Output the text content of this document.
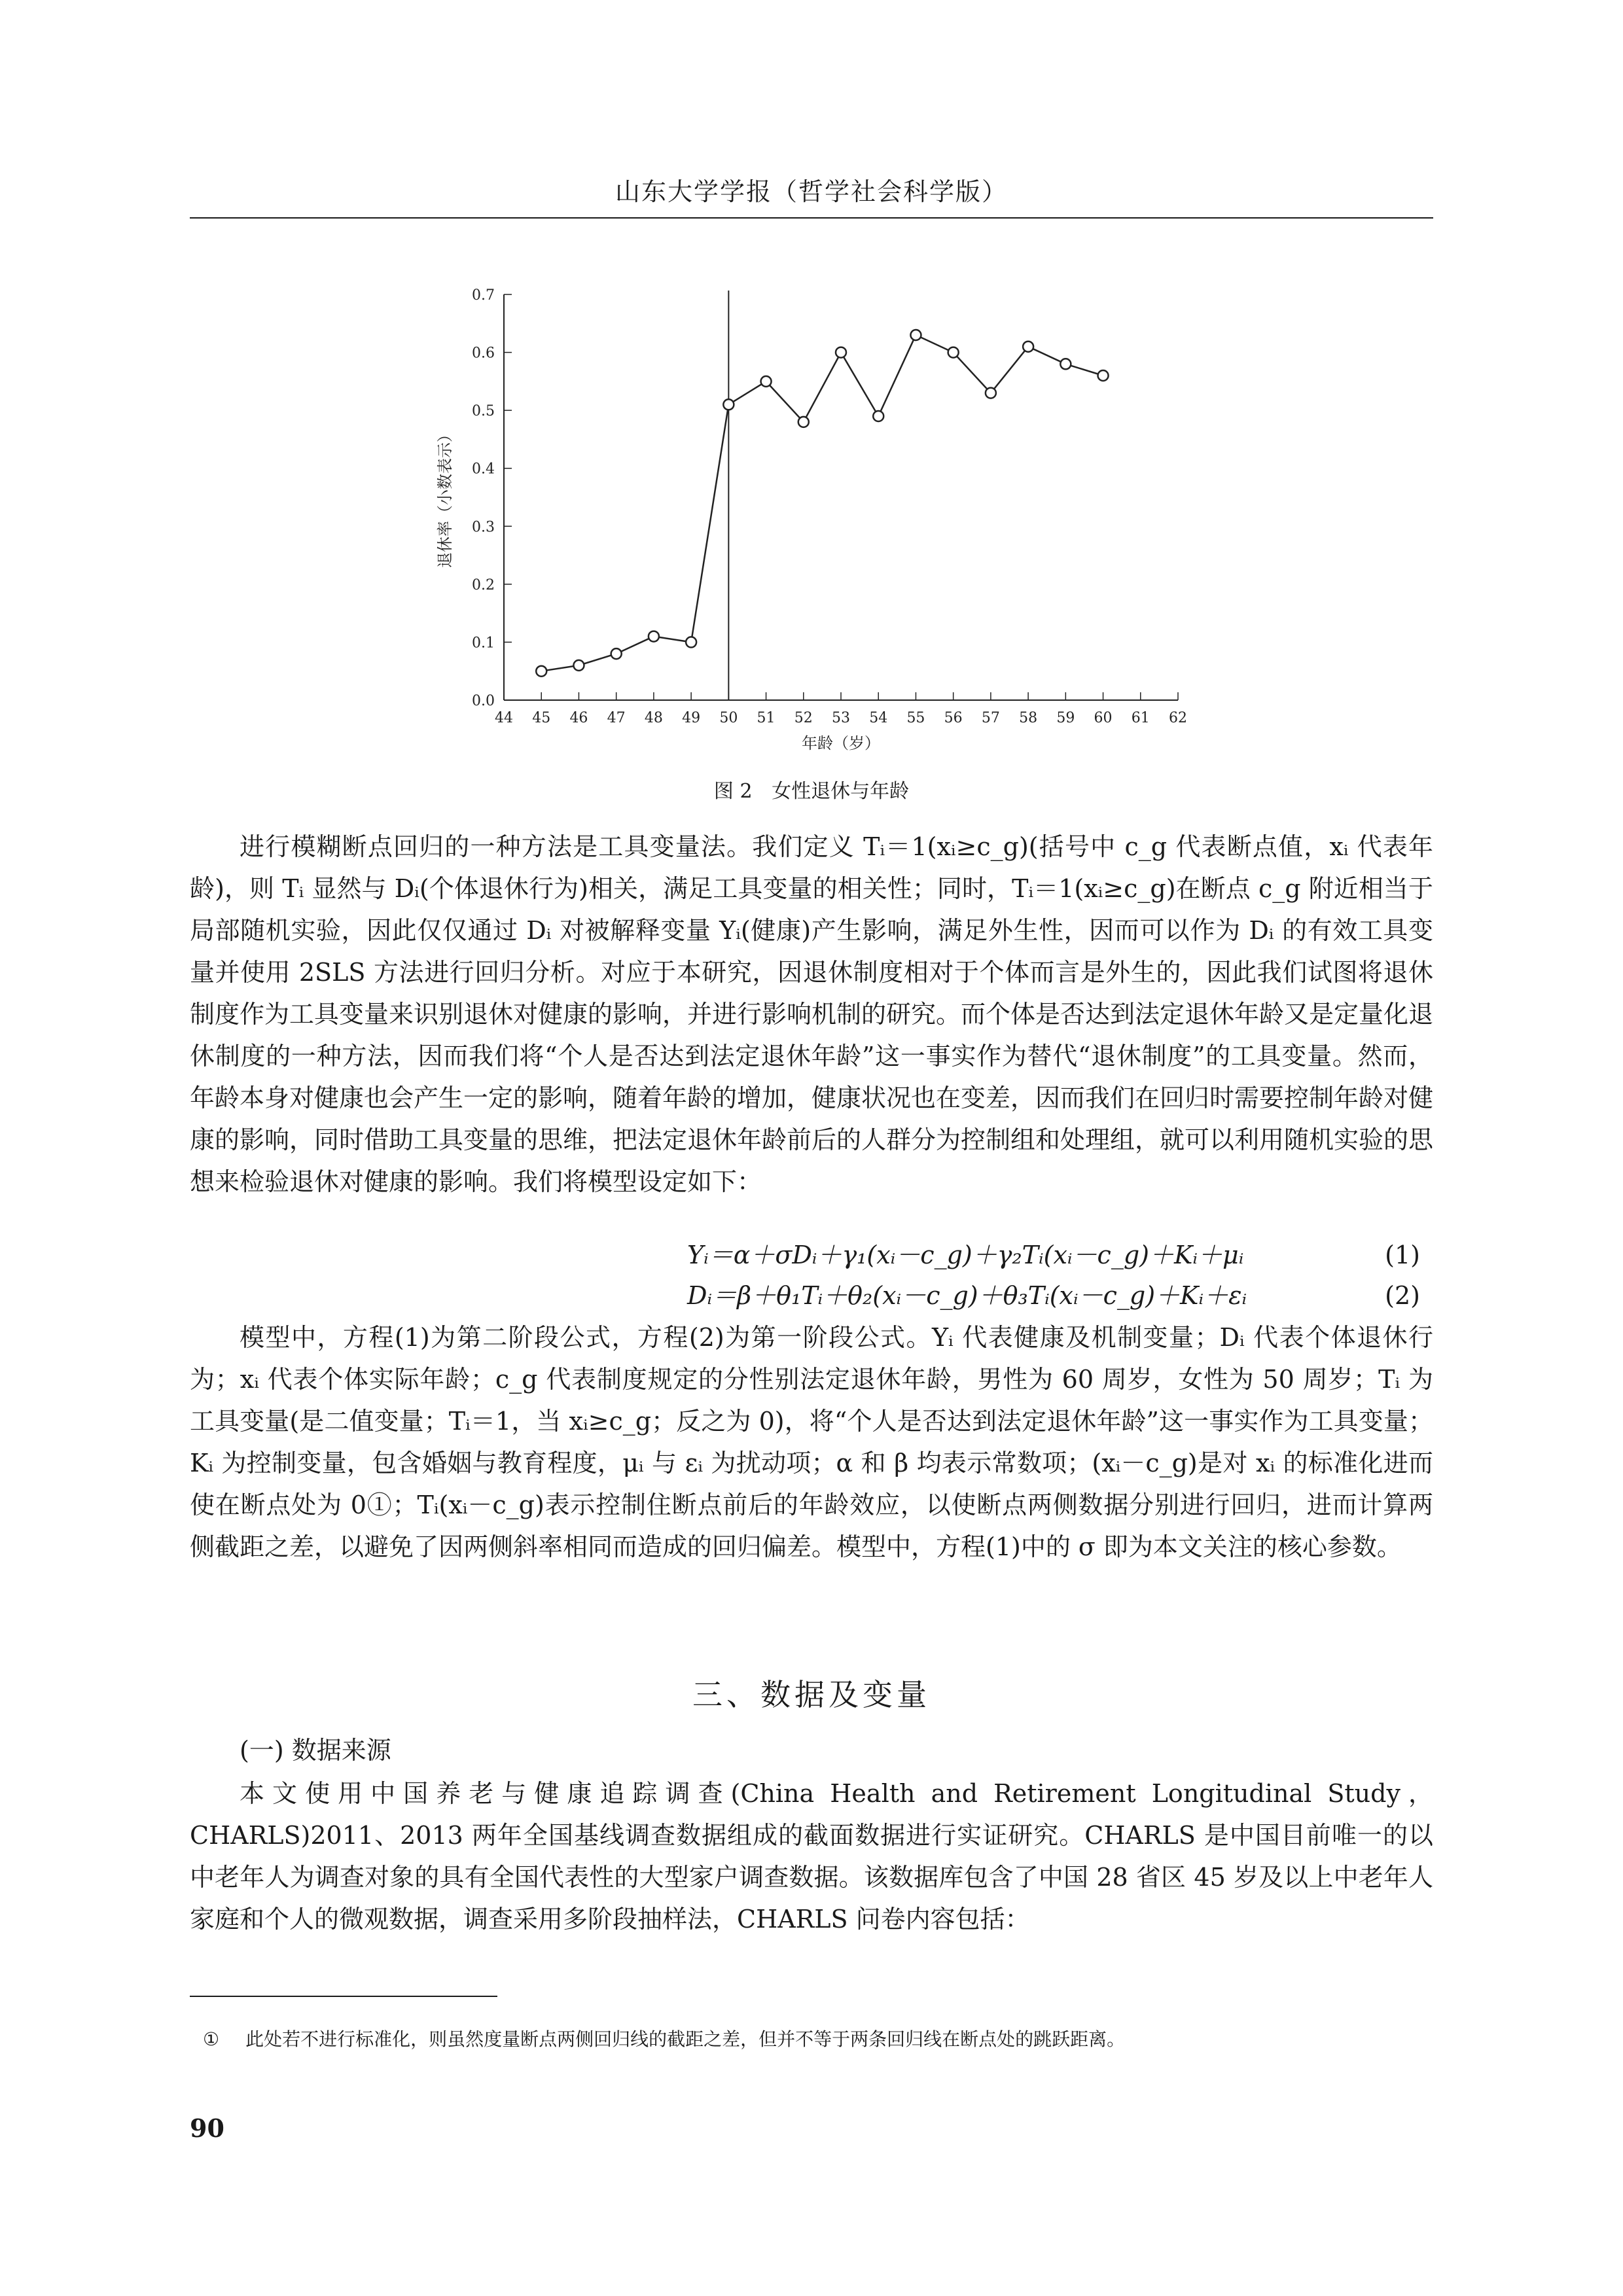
山东大学学报（哲学社会科学版）
44 45 46 47 48 49 50 51 52 53 54 55 56 57 58 59 60 61 62
0.0
0.1
0.2
0.3
0.4
0.5
0.6
0.7
年龄（岁）
退休率（小数表示）
图 2 女性退休与年龄
进行模糊断点回归的一种方法是工具变量法。我们定义 Tᵢ＝1(xᵢ≥c_g)(括号中 c_g 代表断点值，xᵢ 代表年龄)，则 Tᵢ 显然与 Dᵢ(个体退休行为)相关，满足工具变量的相关性；同时，Tᵢ＝1(xᵢ≥c_g)在断点 c_g 附近相当于局部随机实验，因此仅仅通过 Dᵢ 对被解释变量 Yᵢ(健康)产生影响，满足外生性，因而可以作为 Dᵢ 的有效工具变量并使用 2SLS 方法进行回归分析。对应于本研究，因退休制度相对于个体而言是外生的，因此我们试图将退休制度作为工具变量来识别退休对健康的影响，并进行影响机制的研究。而个体是否达到法定退休年龄又是定量化退休制度的一种方法，因而我们将“个人是否达到法定退休年龄”这一事实作为替代“退休制度”的工具变量。然而，年龄本身对健康也会产生一定的影响，随着年龄的增加，健康状况也在变差，因而我们在回归时需要控制年龄对健康的影响，同时借助工具变量的思维，把法定退休年龄前后的人群分为控制组和处理组，就可以利用随机实验的思想来检验退休对健康的影响。我们将模型设定如下：
Yᵢ＝α＋σDᵢ＋γ₁(xᵢ－c_g)＋γ₂Tᵢ(xᵢ－c_g)＋Kᵢ＋μᵢ	(1)
Dᵢ＝β＋θ₁Tᵢ＋θ₂(xᵢ－c_g)＋θ₃Tᵢ(xᵢ－c_g)＋Kᵢ＋εᵢ	(2)
模型中，方程(1)为第二阶段公式，方程(2)为第一阶段公式。Yᵢ 代表健康及机制变量；Dᵢ 代表个体退休行为；xᵢ 代表个体实际年龄；c_g 代表制度规定的分性别法定退休年龄，男性为 60 周岁，女性为 50 周岁；Tᵢ 为工具变量(是二值变量；Tᵢ＝1，当 xᵢ≥c_g；反之为 0)，将“个人是否达到法定退休年龄”这一事实作为工具变量；Kᵢ 为控制变量，包含婚姻与教育程度，μᵢ 与 εᵢ 为扰动项；α 和 β 均表示常数项；(xᵢ－c_g)是对 xᵢ 的标准化进而使在断点处为 0①；Tᵢ(xᵢ－c_g)表示控制住断点前后的年龄效应，以使断点两侧数据分别进行回归，进而计算两侧截距之差，以避免了因两侧斜率相同而造成的回归偏差。模型中，方程(1)中的 σ 即为本文关注的核心参数。
三、数据及变量
(一) 数据来源
本文使用中国养老与健康追踪调查(China Health and Retirement Longitudinal Study，CHARLS)2011、2013 两年全国基线调查数据组成的截面数据进行实证研究。CHARLS 是中国目前唯一的以中老年人为调查对象的具有全国代表性的大型家户调查数据。该数据库包含了中国 28 省区 45 岁及以上中老年人家庭和个人的微观数据，调查采用多阶段抽样法，CHARLS 问卷内容包括：
① 此处若不进行标准化，则虽然度量断点两侧回归线的截距之差，但并不等于两条回归线在断点处的跳跃距离。
90
